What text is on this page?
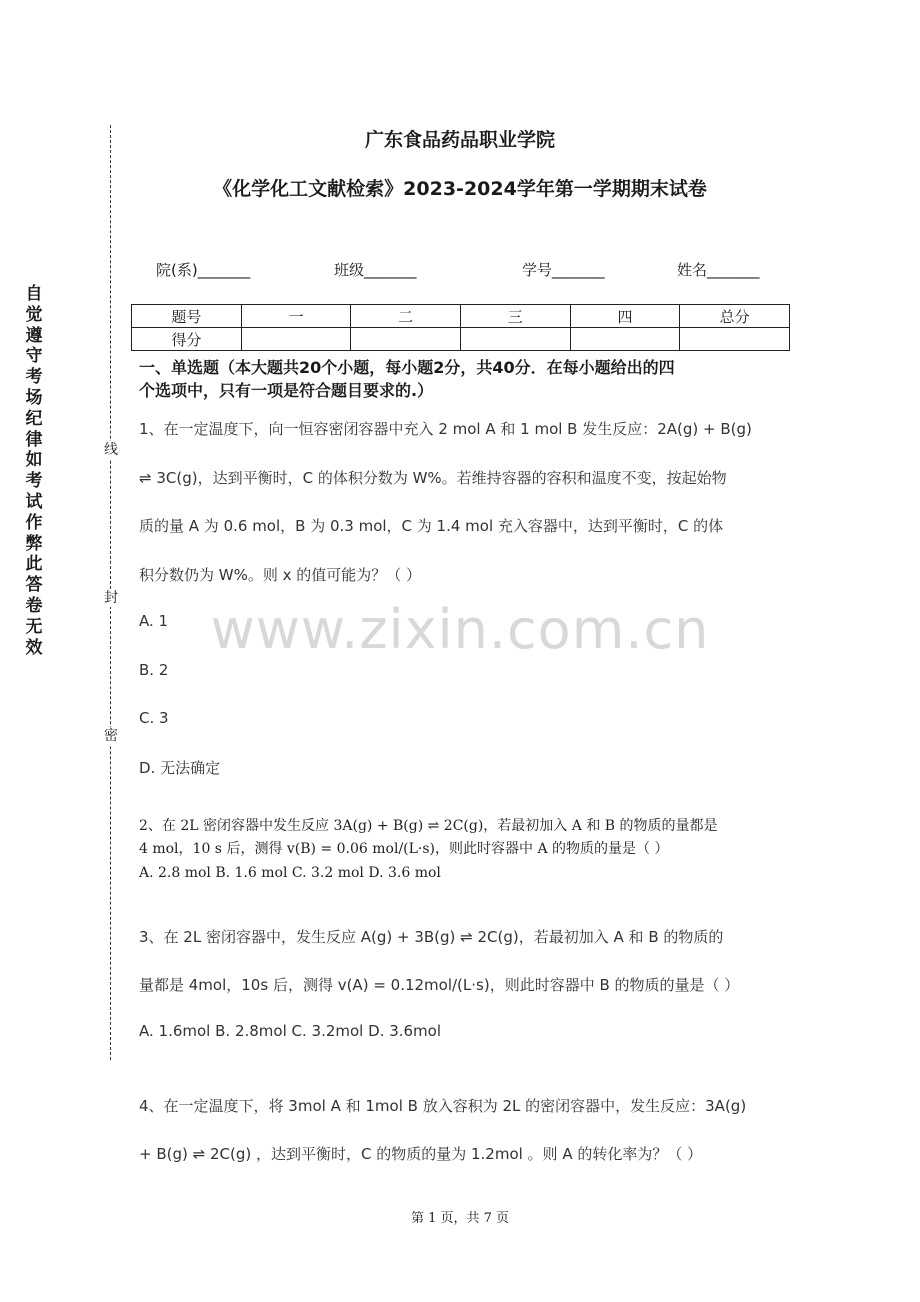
自觉遵守考场纪律如考试作弊此答卷无效
线
封
密
广东食品药品职业学院
《化学化工文献检索》2023-2024学年第一学期期末试卷
院(系)_______	班级_______	学号_______	姓名_______
题号	一	二	三	四	总分
得分					
一、单选题（本大题共20个小题，每小题2分，共40分．在每小题给出的四
个选项中，只有一项是符合题目要求的.）
www.zixin.com.cn
1、在一定温度下，向一恒容密闭容器中充入 2 mol A 和 1 mol B 发生反应：2A(g) + B(g)
⇌ 3C(g)，达到平衡时，C 的体积分数为 W%。若维持容器的容积和温度不变，按起始物
质的量 A 为 0.6 mol，B 为 0.3 mol，C 为 1.4 mol 充入容器中，达到平衡时，C 的体
积分数仍为 W%。则 x 的值可能为？（ ）
A. 1
B. 2
C. 3
D. 无法确定
2、在 2L 密闭容器中发生反应 3A(g) + B(g) ⇌ 2C(g)，若最初加入 A 和 B 的物质的量都是
4 mol，10 s 后，测得 v(B) = 0.06 mol/(L·s)，则此时容器中 A 的物质的量是（ ）
A. 2.8 mol B. 1.6 mol C. 3.2 mol D. 3.6 mol
3、在 2L 密闭容器中，发生反应 A(g) + 3B(g) ⇌ 2C(g)，若最初加入 A 和 B 的物质的
量都是 4mol，10s 后，测得 v(A) = 0.12mol/(L·s)，则此时容器中 B 的物质的量是（ ）
A. 1.6mol B. 2.8mol C. 3.2mol D. 3.6mol
4、在一定温度下，将 3mol A 和 1mol B 放入容积为 2L 的密闭容器中，发生反应：3A(g)
+ B(g) ⇌ 2C(g) ，达到平衡时，C 的物质的量为 1.2mol 。则 A 的转化率为？（ ）
第 1 页，共 7 页
